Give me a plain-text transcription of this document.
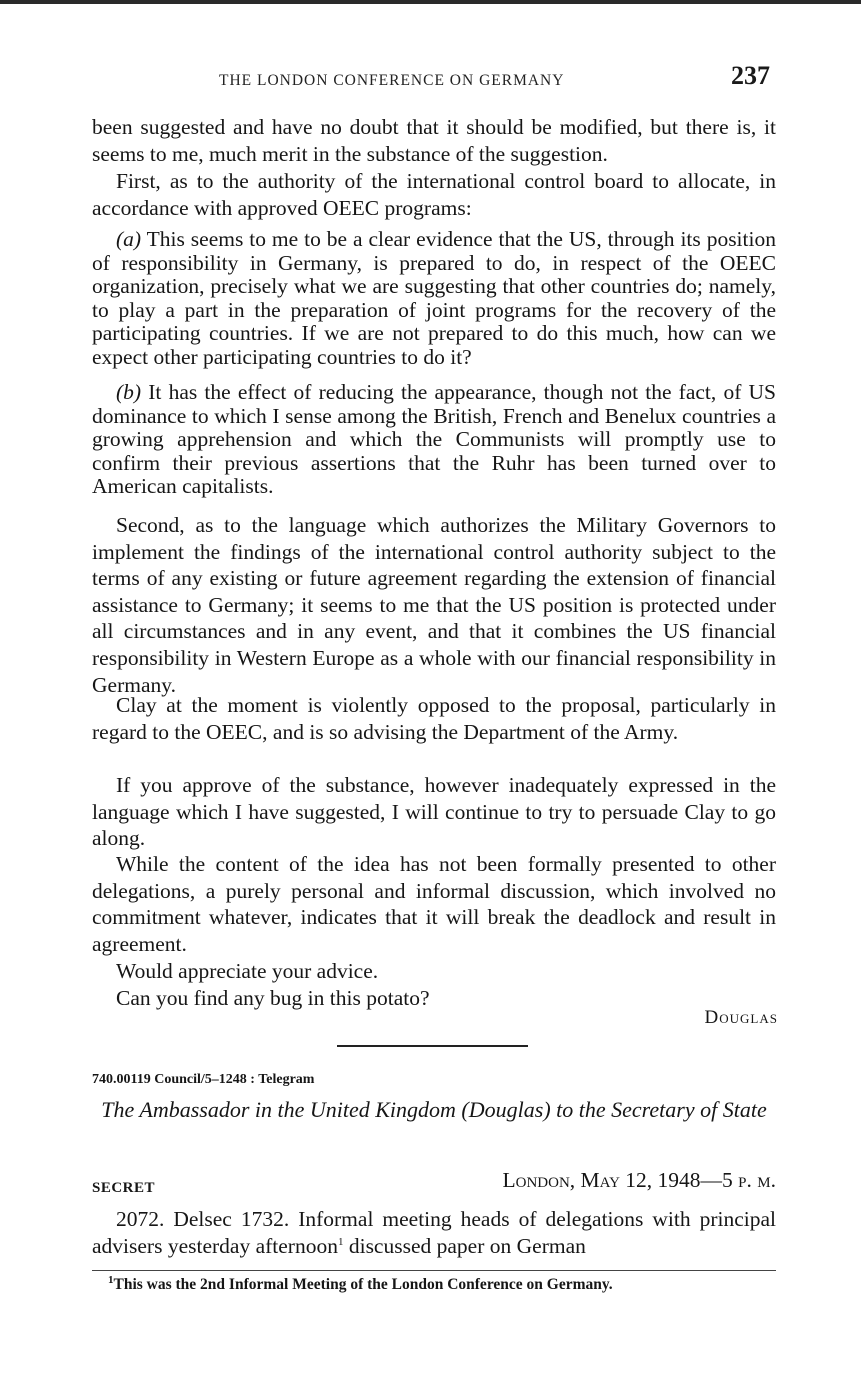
THE LONDON CONFERENCE ON GERMANY	237

been suggested and have no doubt that it should be modified, but there is, it seems to me, much merit in the substance of the suggestion.

First, as to the authority of the international control board to allocate, in accordance with approved OEEC programs:

(a) This seems to me to be a clear evidence that the US, through its position of responsibility in Germany, is prepared to do, in respect of the OEEC organization, precisely what we are suggesting that other countries do; namely, to play a part in the preparation of joint programs for the recovery of the participating countries. If we are not prepared to do this much, how can we expect other participating countries to do it?

(b) It has the effect of reducing the appearance, though not the fact, of US dominance to which I sense among the British, French and Benelux countries a growing apprehension and which the Communists will promptly use to confirm their previous assertions that the Ruhr has been turned over to American capitalists.

Second, as to the language which authorizes the Military Governors to implement the findings of the international control authority subject to the terms of any existing or future agreement regarding the extension of financial assistance to Germany; it seems to me that the US position is protected under all circumstances and in any event, and that it combines the US financial responsibility in Western Europe as a whole with our financial responsibility in Germany.

Clay at the moment is violently opposed to the proposal, particularly in regard to the OEEC, and is so advising the Department of the Army.

If you approve of the substance, however inadequately expressed in the language which I have suggested, I will continue to try to persuade Clay to go along.

While the content of the idea has not been formally presented to other delegations, a purely personal and informal discussion, which involved no commitment whatever, indicates that it will break the deadlock and result in agreement.

Would appreciate your advice.

Can you find any bug in this potato?

Douglas
740.00119 Council/5–1248 : Telegram
The Ambassador in the United Kingdom (Douglas) to the Secretary of State
SECRET	London, May 12, 1948—5 p. m.

2072. Delsec 1732. Informal meeting heads of delegations with principal advisers yesterday afternoon$^1$ discussed paper on German

$^1$This was the 2nd Informal Meeting of the London Conference on Germany.
